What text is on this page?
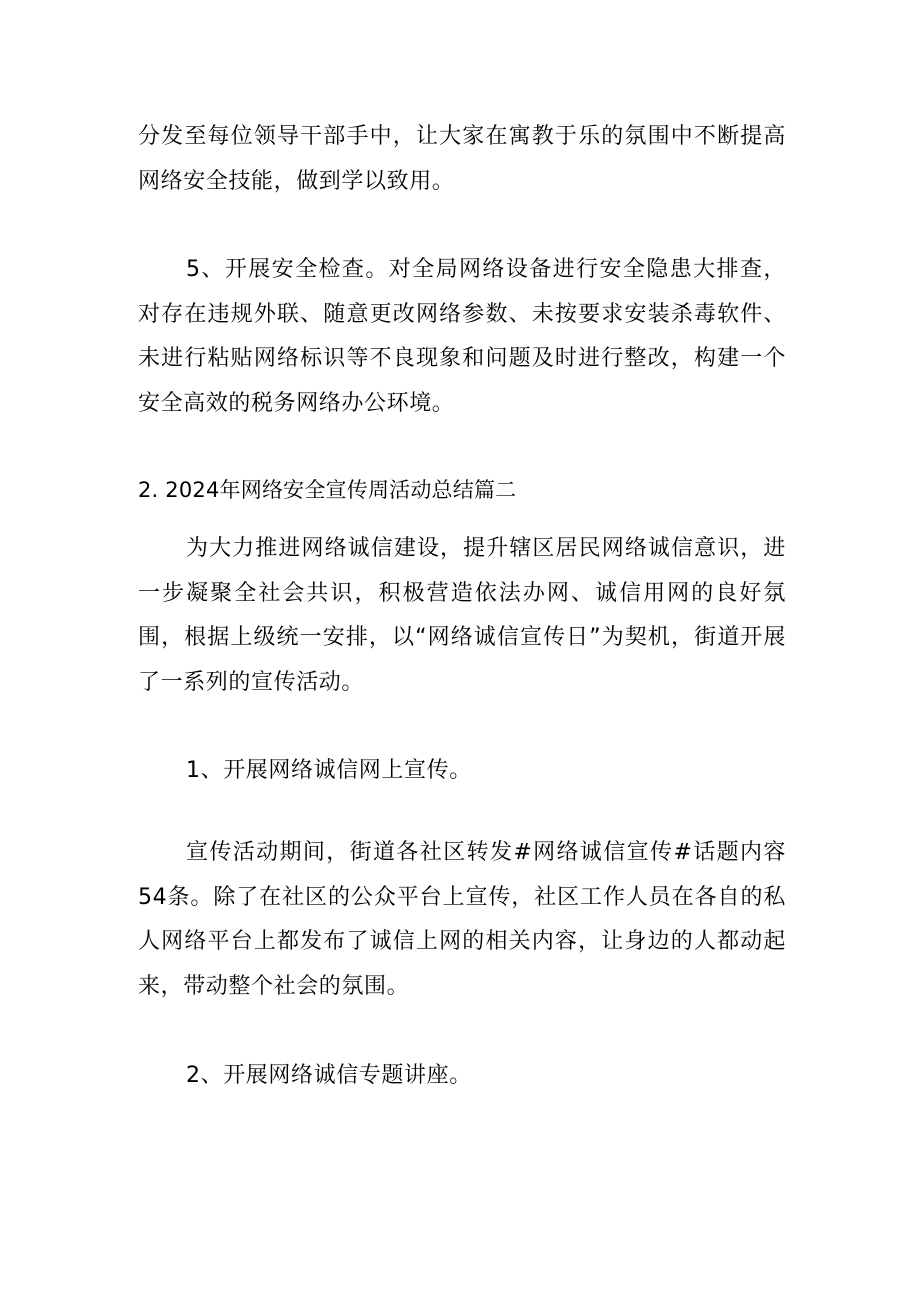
分发至每位领导干部手中，让大家在寓教于乐的氛围中不断提高网络安全技能，做到学以致用。

5、开展安全检查。对全局网络设备进行安全隐患大排查，对存在违规外联、随意更改网络参数、未按要求安装杀毒软件、未进行粘贴网络标识等不良现象和问题及时进行整改，构建一个安全高效的税务网络办公环境。

2. 2024年网络安全宣传周活动总结篇二

为大力推进网络诚信建设，提升辖区居民网络诚信意识，进一步凝聚全社会共识，积极营造依法办网、诚信用网的良好氛围，根据上级统一安排，以“网络诚信宣传日”为契机，街道开展了一系列的宣传活动。

1、开展网络诚信网上宣传。

宣传活动期间，街道各社区转发#网络诚信宣传#话题内容54条。除了在社区的公众平台上宣传，社区工作人员在各自的私人网络平台上都发布了诚信上网的相关内容，让身边的人都动起来，带动整个社会的氛围。

2、开展网络诚信专题讲座。
